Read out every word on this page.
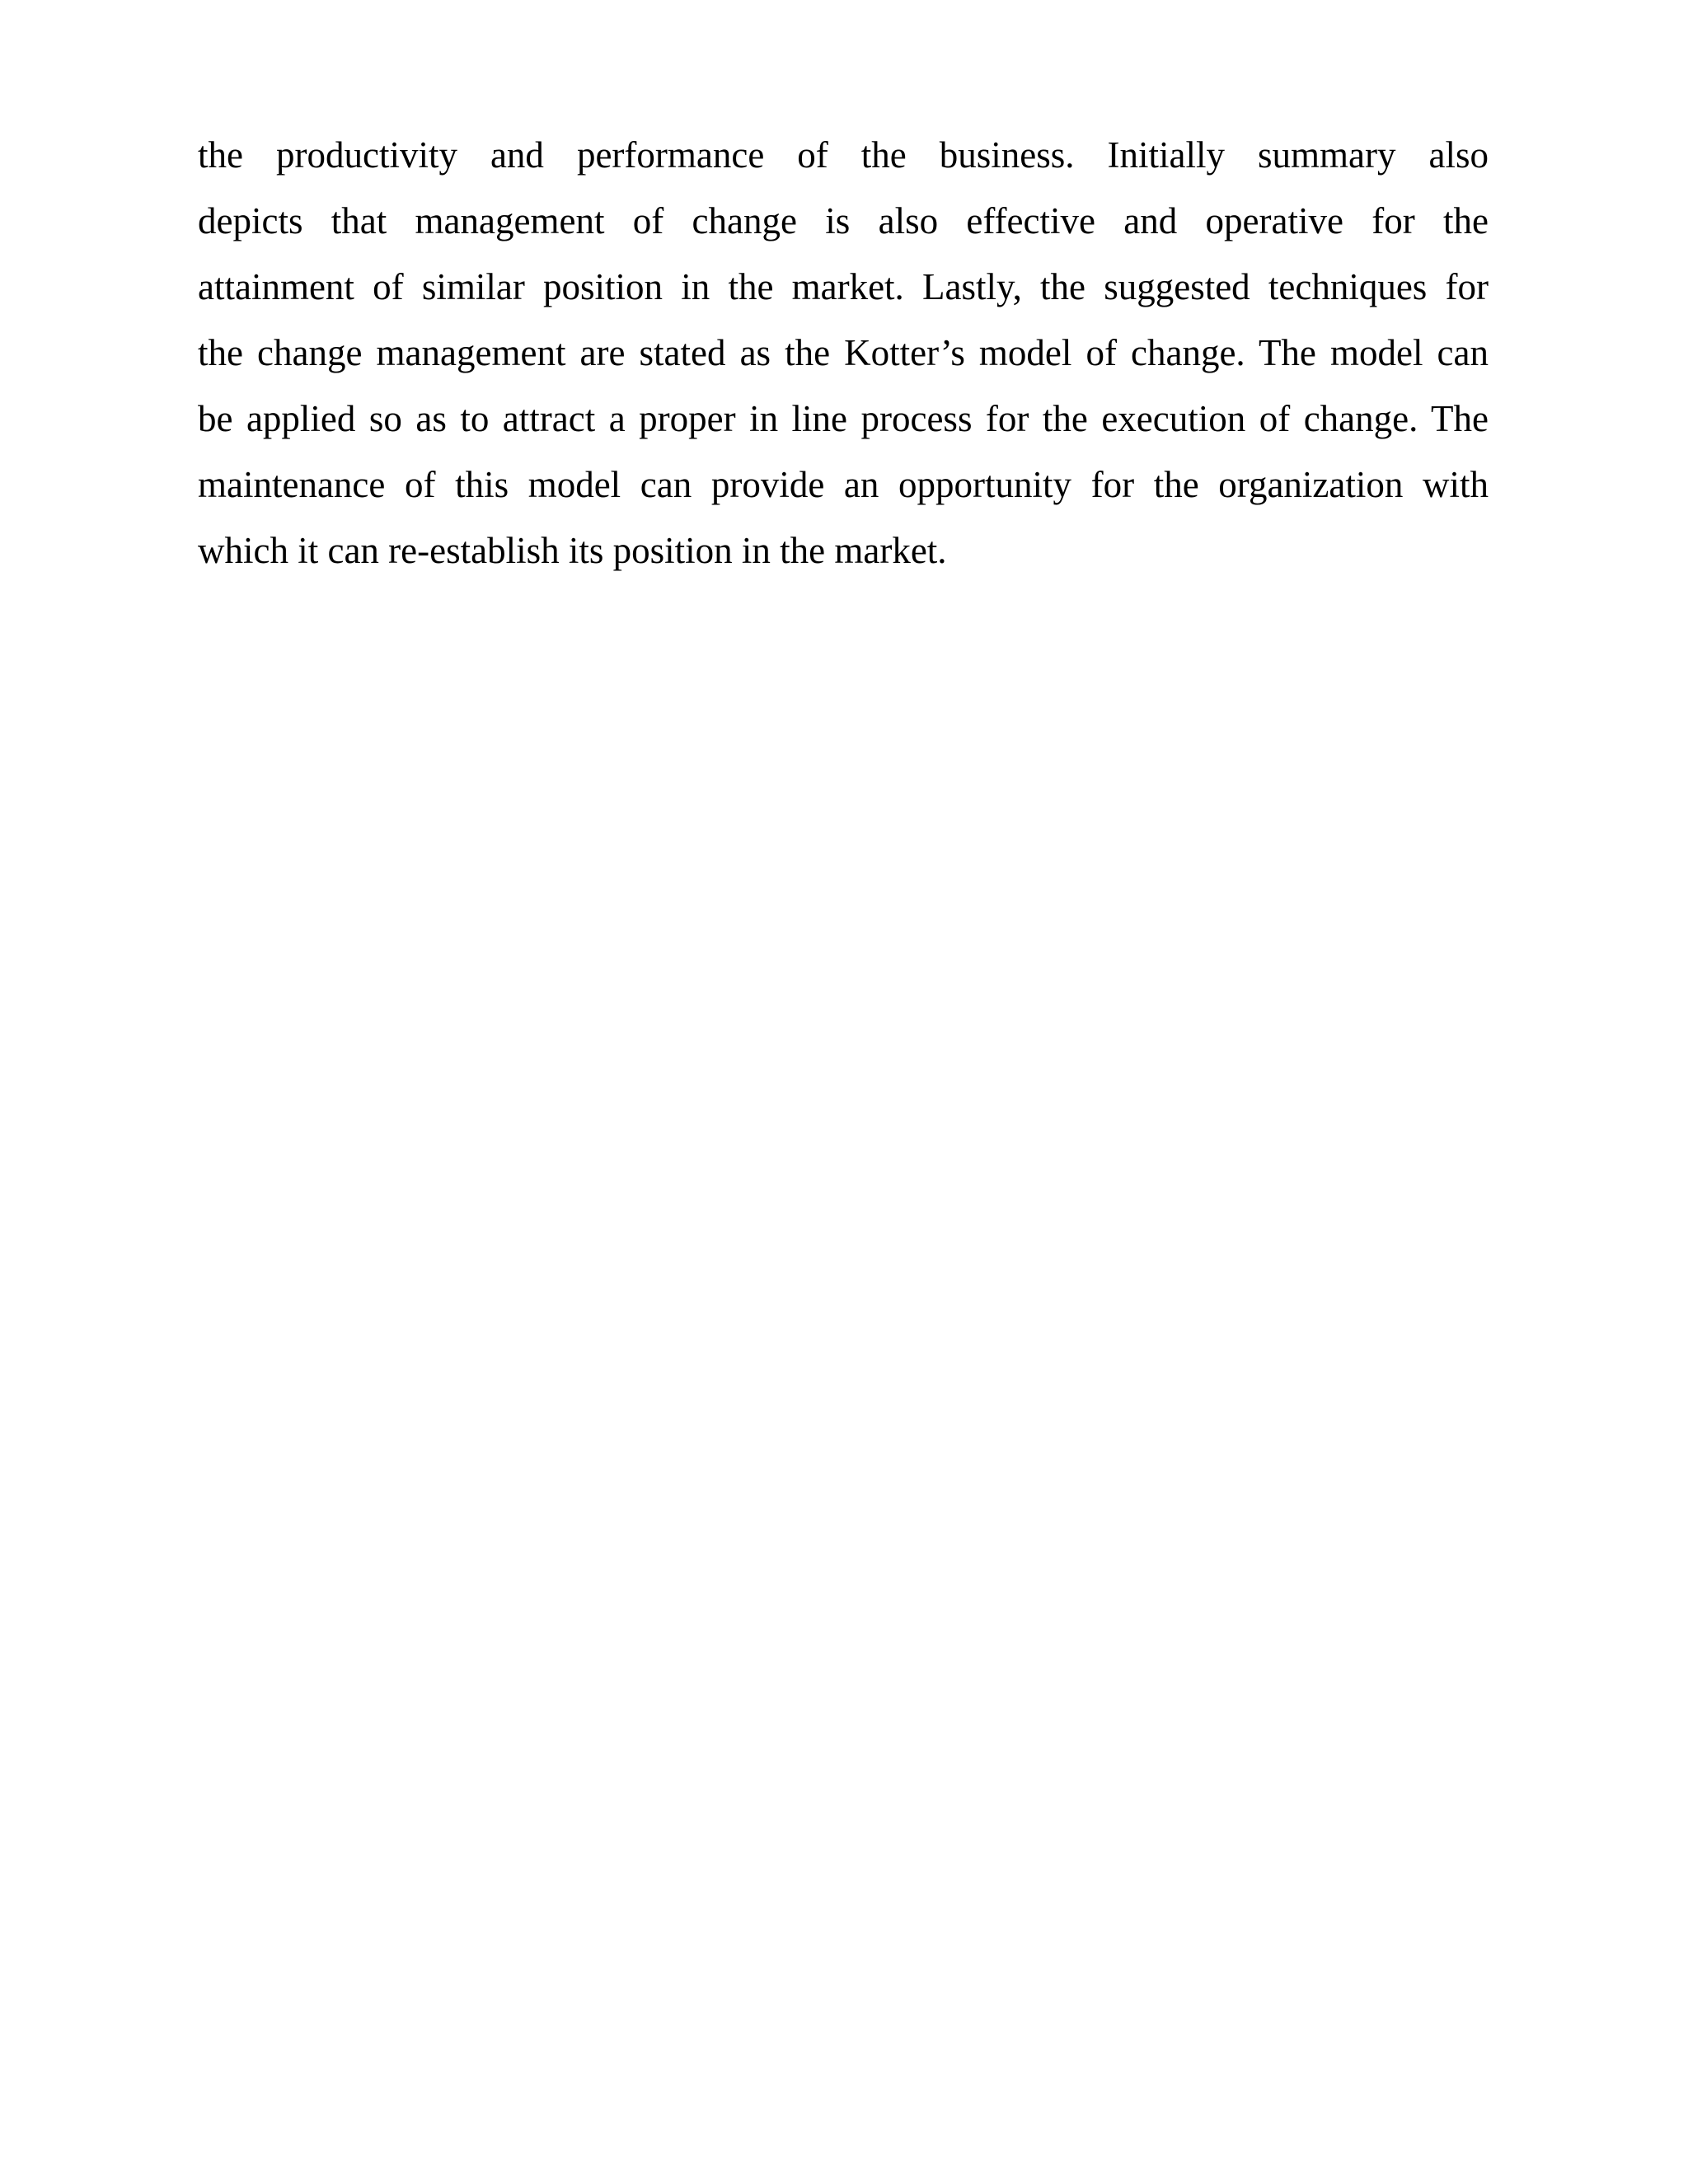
the productivity and performance of the business. Initially summary also
depicts that management of change is also effective and operative for the
attainment of similar position in the market. Lastly, the suggested techniques for
the change management are stated as the Kotter’s model of change. The model can
be applied so as to attract a proper in line process for the execution of change. The
maintenance of this model can provide an opportunity for the organization with
which it can re-establish its position in the market.
